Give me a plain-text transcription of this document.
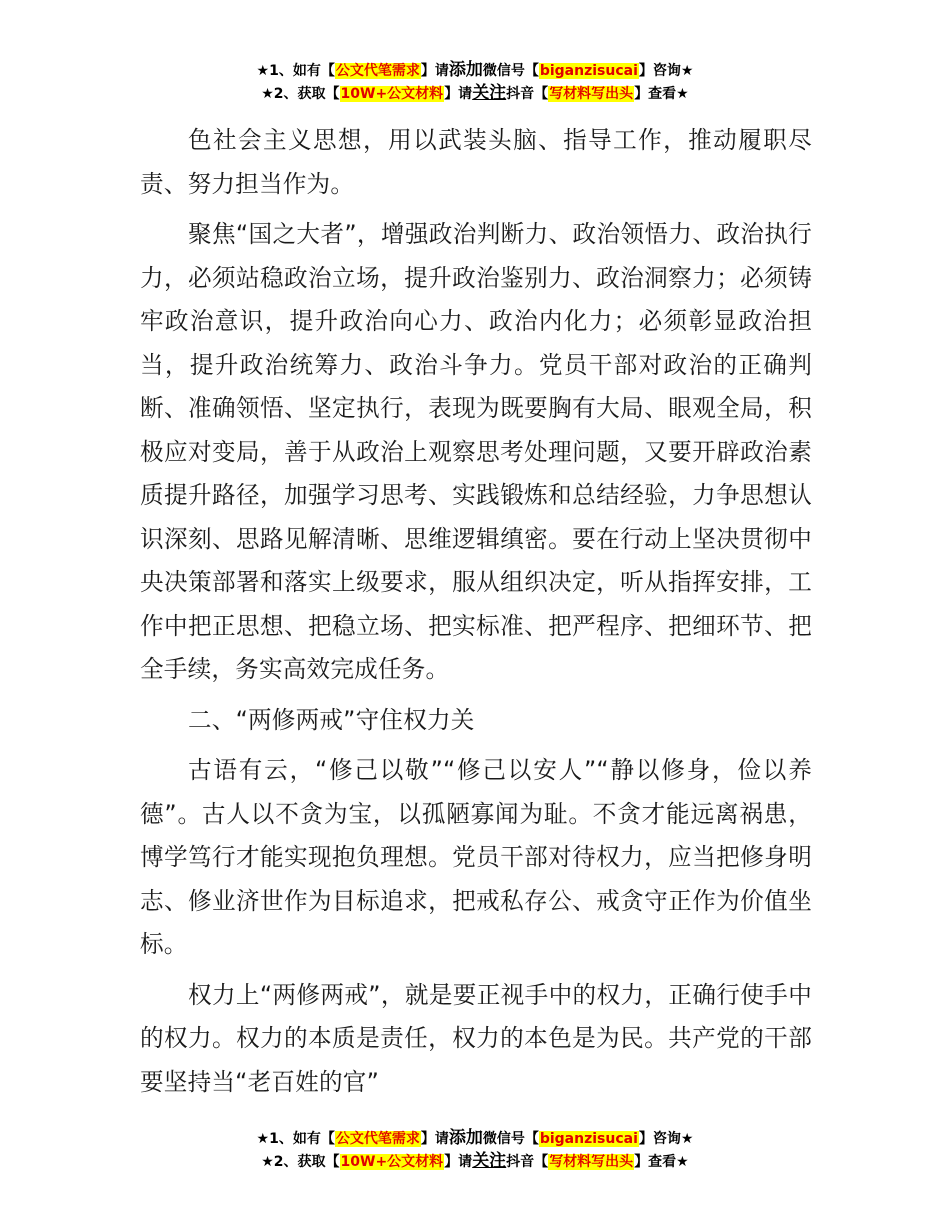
★1、如有【公文代笔需求】请添加微信号【biganzisucai】咨询★
★2、获取【10W+公文材料】请关注抖音【写材料写出头】查看★

色社会主义思想，用以武装头脑、指导工作，推动履职尽责、努力担当作为。

聚焦“国之大者”，增强政治判断力、政治领悟力、政治执行力，必须站稳政治立场，提升政治鉴别力、政治洞察力；必须铸牢政治意识，提升政治向心力、政治内化力；必须彰显政治担当，提升政治统筹力、政治斗争力。党员干部对政治的正确判断、准确领悟、坚定执行，表现为既要胸有大局、眼观全局，积极应对变局，善于从政治上观察思考处理问题，又要开辟政治素质提升路径，加强学习思考、实践锻炼和总结经验，力争思想认识深刻、思路见解清晰、思维逻辑缜密。要在行动上坚决贯彻中央决策部署和落实上级要求，服从组织决定，听从指挥安排，工作中把正思想、把稳立场、把实标准、把严程序、把细环节、把全手续，务实高效完成任务。

二、“两修两戒”守住权力关

古语有云，“修己以敬”“修己以安人”“静以修身，俭以养德”。古人以不贪为宝，以孤陋寡闻为耻。不贪才能远离祸患，博学笃行才能实现抱负理想。党员干部对待权力，应当把修身明志、修业济世作为目标追求，把戒私存公、戒贪守正作为价值坐标。

权力上“两修两戒”，就是要正视手中的权力，正确行使手中的权力。权力的本质是责任，权力的本色是为民。共产党的干部要坚持当“老百姓的官”

★1、如有【公文代笔需求】请添加微信号【biganzisucai】咨询★
★2、获取【10W+公文材料】请关注抖音【写材料写出头】查看★
